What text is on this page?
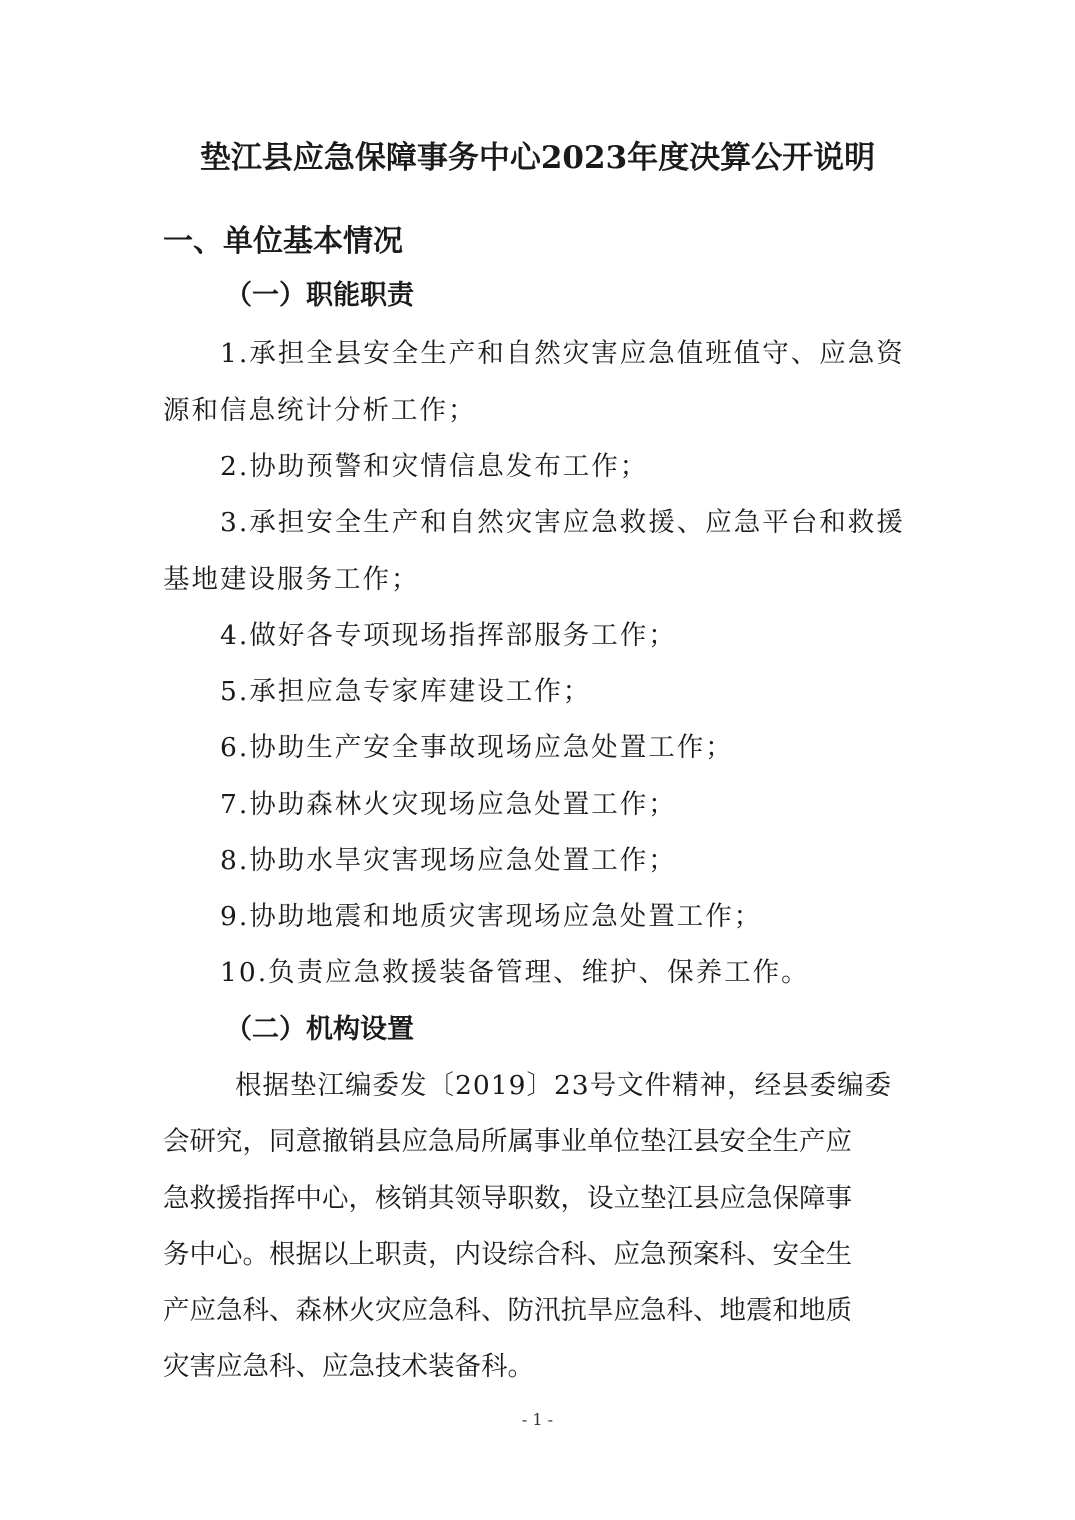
垫江县应急保障事务中心2023年度决算公开说明
一、单位基本情况
（一）职能职责
1.承担全县安全生产和自然灾害应急值班值守、应急资
源和信息统计分析工作；
2.协助预警和灾情信息发布工作；
3.承担安全生产和自然灾害应急救援、应急平台和救援
基地建设服务工作；
4.做好各专项现场指挥部服务工作；
5.承担应急专家库建设工作；
6.协助生产安全事故现场应急处置工作；
7.协助森林火灾现场应急处置工作；
8.协助水旱灾害现场应急处置工作；
9.协助地震和地质灾害现场应急处置工作；
10.负责应急救援装备管理、维护、保养工作。
（二）机构设置
根据垫江编委发〔2019〕23号文件精神，经县委编委
会研究，同意撤销县应急局所属事业单位垫江县安全生产应
急救援指挥中心，核销其领导职数，设立垫江县应急保障事
务中心。根据以上职责，内设综合科、应急预案科、安全生
产应急科、森林火灾应急科、防汛抗旱应急科、地震和地质
灾害应急科、应急技术装备科。
- 1 -
